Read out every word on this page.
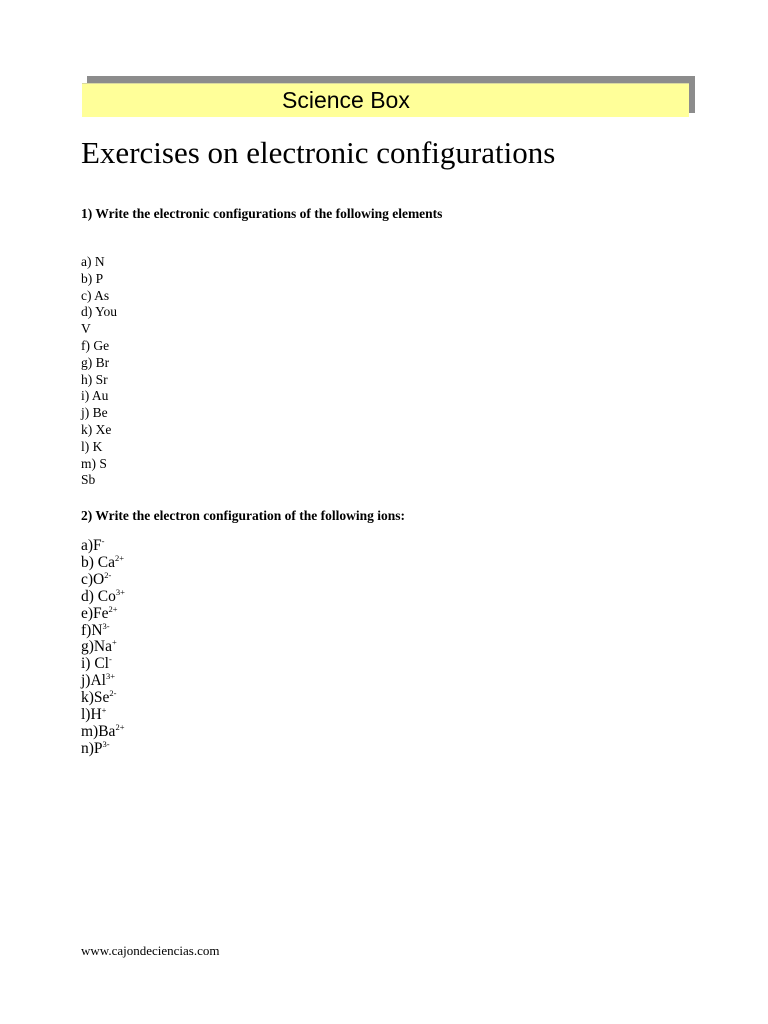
Science Box
Exercises on electronic configurations

1) Write the electronic configurations of the following elements

a) N
b) P
c) As
d) You
V
f) Ge
g) Br
h) Sr
i) Au
j) Be
k) Xe
l) K
m) S
Sb

2) Write the electron configuration of the following ions:

a)F-
b) $Ca^{2+}$
$c)O^{2-}$
d) $Co^{3+}$
$e)Fe^{2+}$
$f)N^{3-}$
g)Na+
i) Cl-
$j)Al^{3+}$
$k)Se^{2-}$
l)H+
$m)Ba^{2+}$
$n)P^{3-}$
www.cajondeciencias.com
